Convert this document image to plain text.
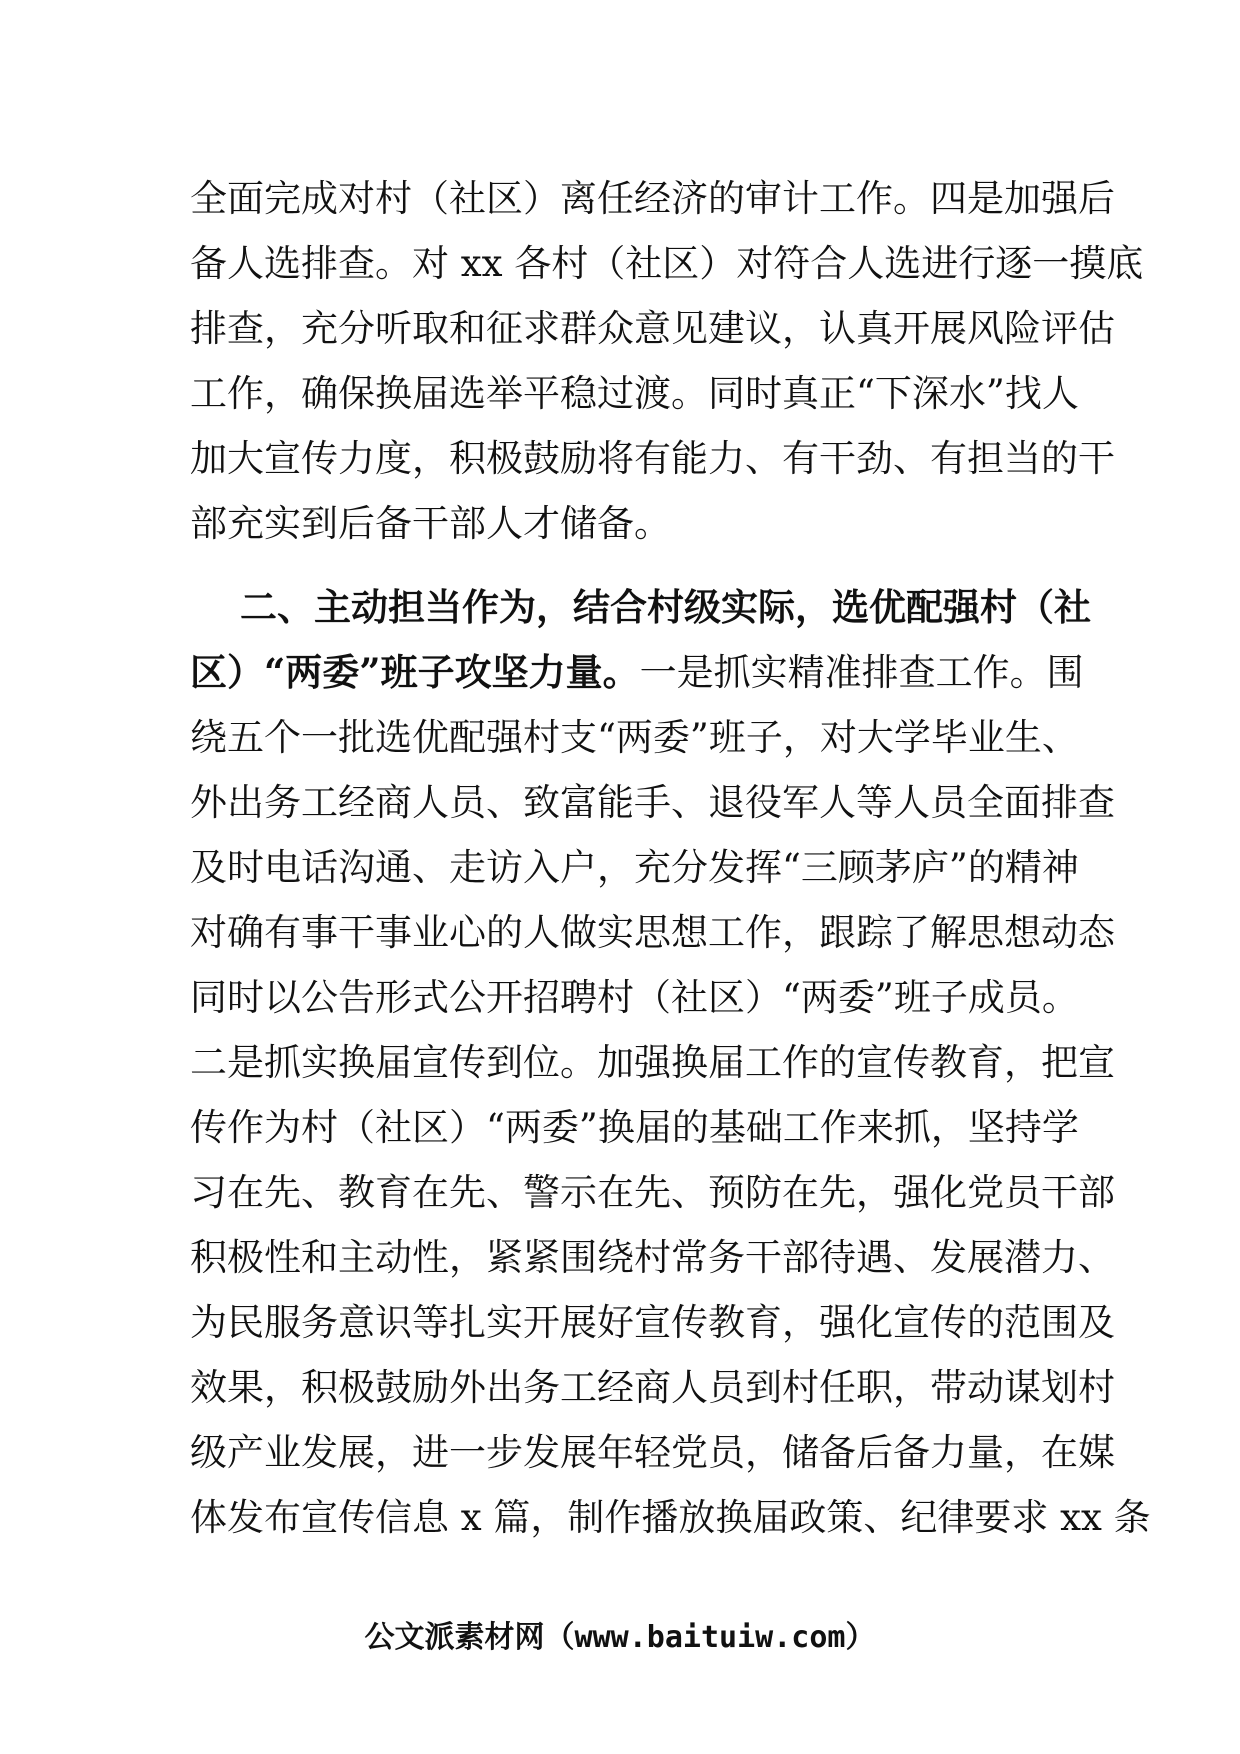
全面完成对村（社区）离任经济的审计工作。四是加强后
备人选排查。对 xx 各村（社区）对符合人选进行逐一摸底
排查，充分听取和征求群众意见建议，认真开展风险评估
工作，确保换届选举平稳过渡。同时真正“下深水”找人
加大宣传力度，积极鼓励将有能力、有干劲、有担当的干
部充实到后备干部人才储备。
二、主动担当作为，结合村级实际，选优配强村（社
区）“两委”班子攻坚力量。一是抓实精准排查工作。围
绕五个一批选优配强村支“两委”班子，对大学毕业生、
外出务工经商人员、致富能手、退役军人等人员全面排查
及时电话沟通、走访入户，充分发挥“三顾茅庐”的精神
对确有事干事业心的人做实思想工作，跟踪了解思想动态
同时以公告形式公开招聘村（社区）“两委”班子成员。
二是抓实换届宣传到位。加强换届工作的宣传教育，把宣
传作为村（社区）“两委”换届的基础工作来抓，坚持学
习在先、教育在先、警示在先、预防在先，强化党员干部
积极性和主动性，紧紧围绕村常务干部待遇、发展潜力、
为民服务意识等扎实开展好宣传教育，强化宣传的范围及
效果，积极鼓励外出务工经商人员到村任职，带动谋划村
级产业发展，进一步发展年轻党员，储备后备力量，在媒
体发布宣传信息 x 篇，制作播放换届政策、纪律要求 xx 条
公文派素材网（www.baituiw.com）
